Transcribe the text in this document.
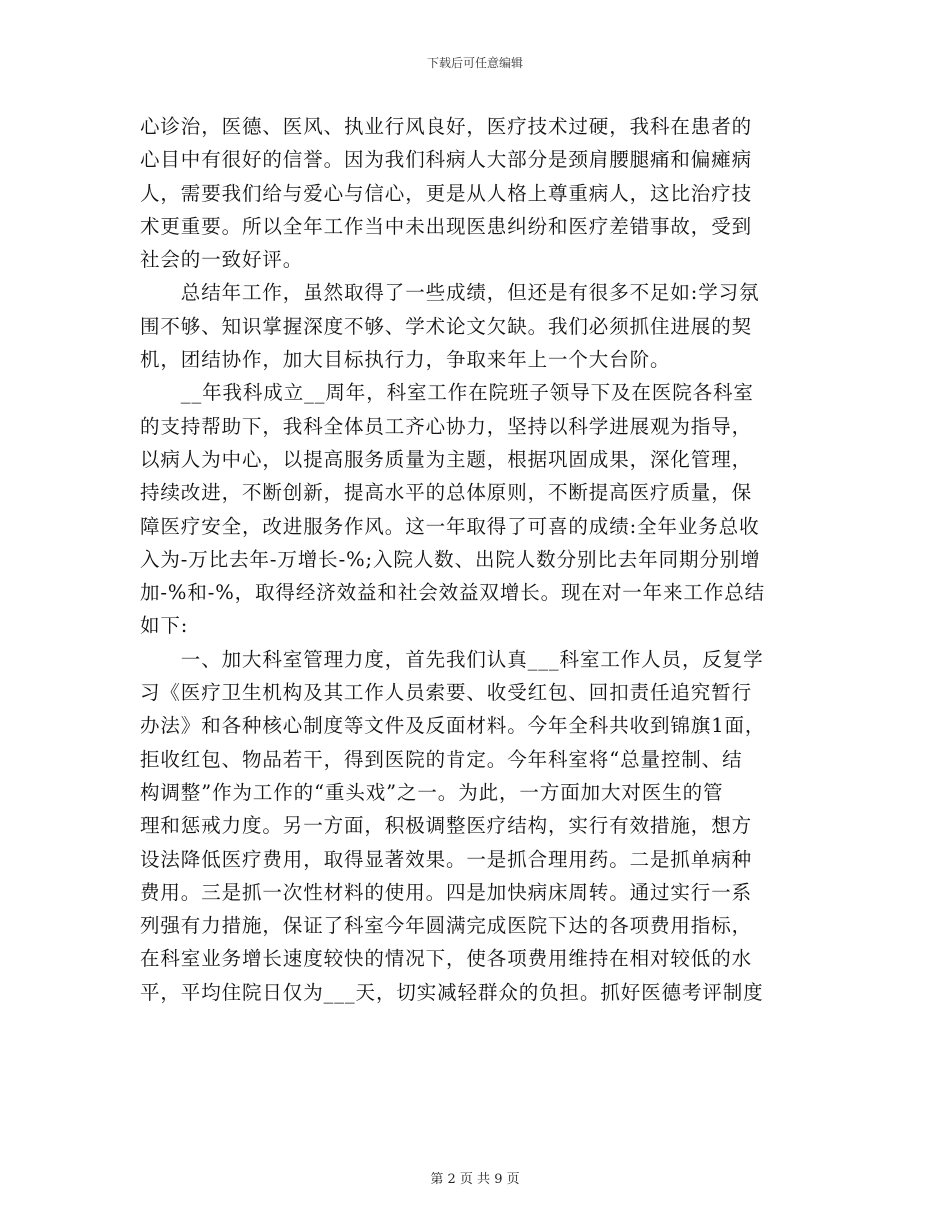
下载后可任意编辑

心诊治，医德、医风、执业行风良好，医疗技术过硬，我科在患者的
心目中有很好的信誉。因为我们科病人大部分是颈肩腰腿痛和偏瘫病
人，需要我们给与爱心与信心，更是从人格上尊重病人，这比治疗技
术更重要。所以全年工作当中未出现医患纠纷和医疗差错事故，受到
社会的一致好评。

　　总结年工作，虽然取得了一些成绩，但还是有很多不足如:学习氛
围不够、知识掌握深度不够、学术论文欠缺。我们必须抓住进展的契
机，团结协作，加大目标执行力，争取来年上一个大台阶。

　　__年我科成立__周年，科室工作在院班子领导下及在医院各科室
的支持帮助下，我科全体员工齐心协力，坚持以科学进展观为指导，
以病人为中心，以提高服务质量为主题，根据巩固成果，深化管理，
持续改进，不断创新，提高水平的总体原则，不断提高医疗质量，保
障医疗安全，改进服务作风。这一年取得了可喜的成绩:全年业务总收
入为-万比去年-万增长-%;入院人数、出院人数分别比去年同期分别增
加-%和-%，取得经济效益和社会效益双增长。现在对一年来工作总结
如下:

　　一、加大科室管理力度，首先我们认真___科室工作人员，反复学
习《医疗卫生机构及其工作人员索要、收受红包、回扣责任追究暂行
办法》和各种核心制度等文件及反面材料。今年全科共收到锦旗1面，
拒收红包、物品若干，得到医院的肯定。今年科室将“总量控制、结
构调整”作为工作的“重头戏”之一。为此，一方面加大对医生的管
理和惩戒力度。另一方面，积极调整医疗结构，实行有效措施，想方
设法降低医疗费用，取得显著效果。一是抓合理用药。二是抓单病种
费用。三是抓一次性材料的使用。四是加快病床周转。通过实行一系
列强有力措施，保证了科室今年圆满完成医院下达的各项费用指标，
在科室业务增长速度较快的情况下，使各项费用维持在相对较低的水
平，平均住院日仅为___天，切实减轻群众的负担。抓好医德考评制度

第 2 页 共 9 页
